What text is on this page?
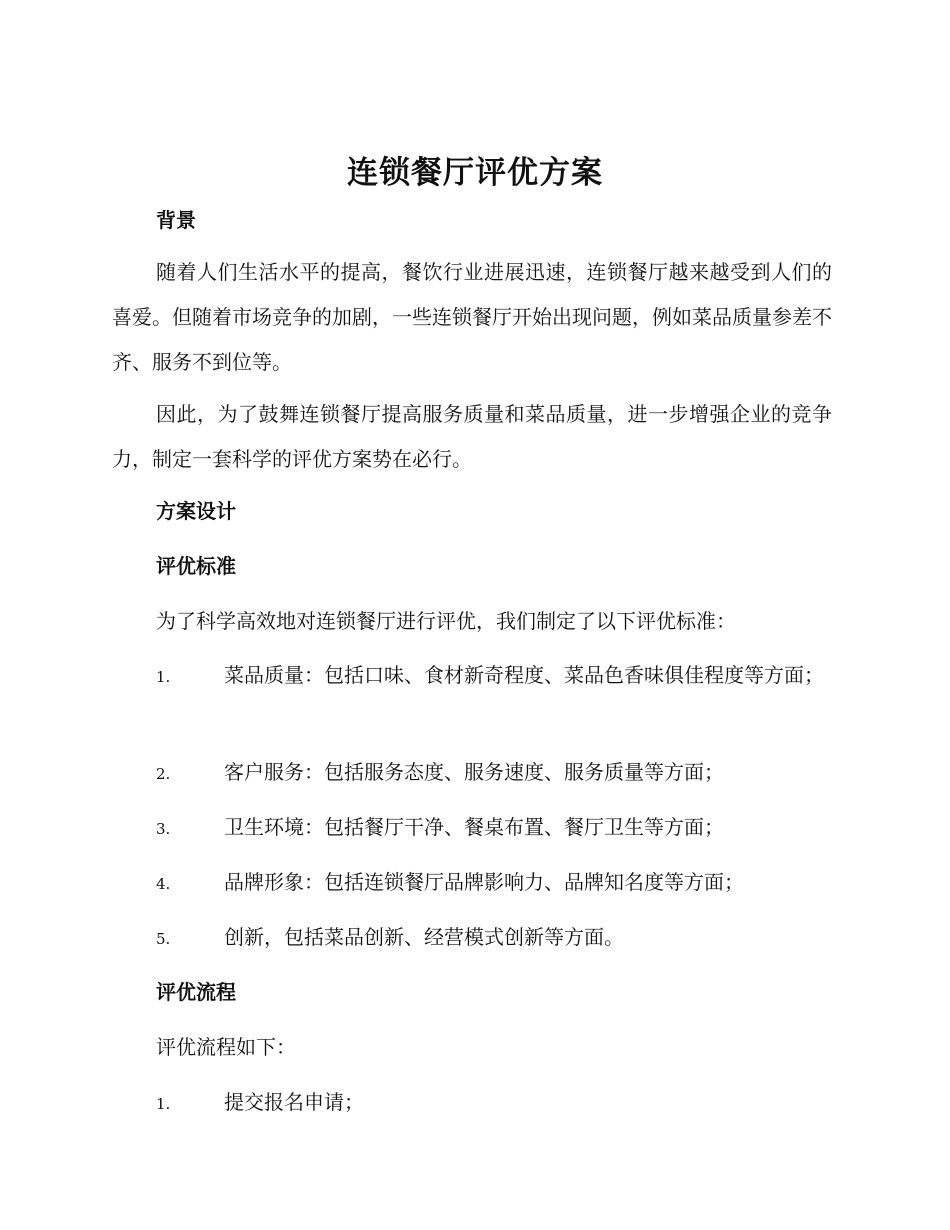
连锁餐厅评优方案
背景

随着人们生活水平的提高，餐饮行业进展迅速，连锁餐厅越来越受到人们的喜爱。但随着市场竞争的加剧，一些连锁餐厅开始出现问题，例如菜品质量参差不齐、服务不到位等。

因此，为了鼓舞连锁餐厅提高服务质量和菜品质量，进一步增强企业的竞争力，制定一套科学的评优方案势在必行。

方案设计
评优标准

为了科学高效地对连锁餐厅进行评优，我们制定了以下评优标准：

1.	菜品质量：包括口味、食材新奇程度、菜品色香味俱佳程度等方面；

2.	客户服务：包括服务态度、服务速度、服务质量等方面；

3.	卫生环境：包括餐厅干净、餐桌布置、餐厅卫生等方面；

4.	品牌形象：包括连锁餐厅品牌影响力、品牌知名度等方面；

5.	创新，包括菜品创新、经营模式创新等方面。

评优流程

评优流程如下：

1.	提交报名申请；
